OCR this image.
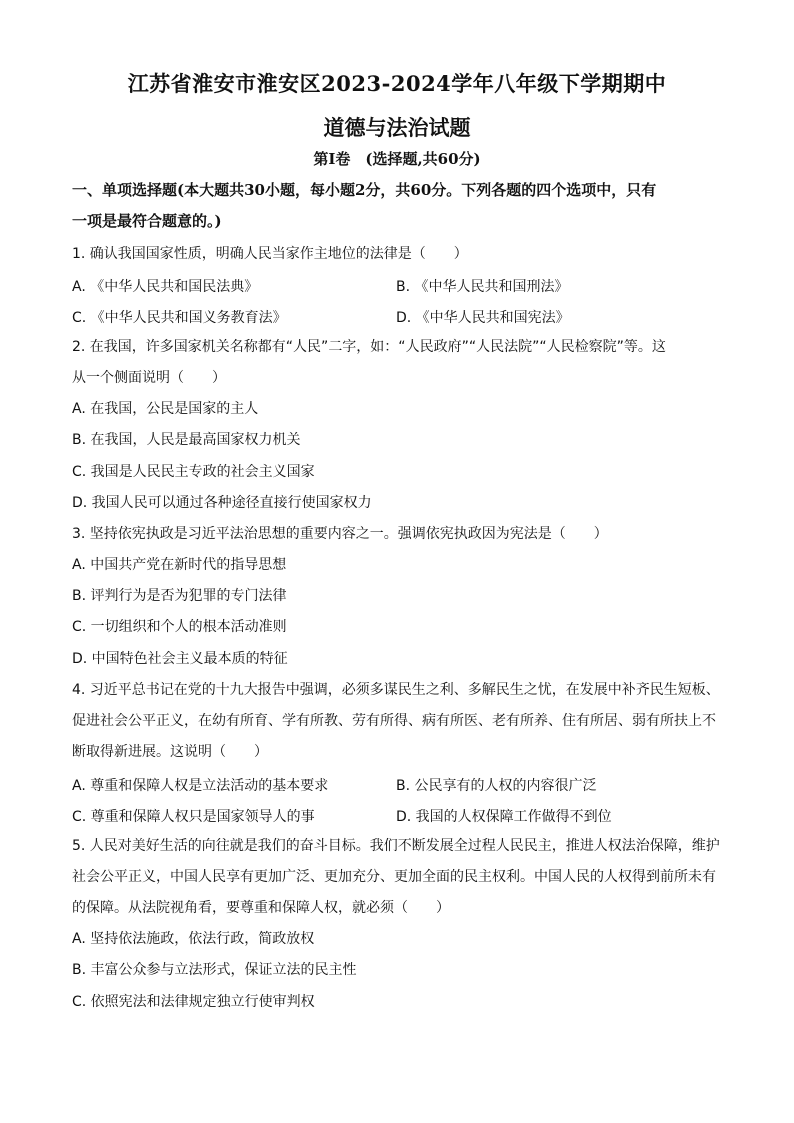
江苏省淮安市淮安区2023-2024学年八年级下学期期中
道德与法治试题
第Ⅰ卷　(选择题,共60分)
一、单项选择题(本大题共30小题，每小题2分，共60分。下列各题的四个选项中，只有
一项是最符合题意的。)
1. 确认我国国家性质，明确人民当家作主地位的法律是（　　）
A. 《中华人民共和国民法典》	B. 《中华人民共和国刑法》
C. 《中华人民共和国义务教育法》	D. 《中华人民共和国宪法》
2. 在我国，许多国家机关名称都有“人民”二字，如：“人民政府”“人民法院”“人民检察院”等。这
从一个侧面说明（　　）
A. 在我国，公民是国家的主人
B. 在我国，人民是最高国家权力机关
C. 我国是人民民主专政的社会主义国家
D. 我国人民可以通过各种途径直接行使国家权力
3. 坚持依宪执政是习近平法治思想的重要内容之一。强调依宪执政因为宪法是（　　）
A. 中国共产党在新时代的指导思想
B. 评判行为是否为犯罪的专门法律
C. 一切组织和个人的根本活动准则
D. 中国特色社会主义最本质的特征
4. 习近平总书记在党的十九大报告中强调，必须多谋民生之利、多解民生之忧，在发展中补齐民生短板、
促进社会公平正义，在幼有所育、学有所教、劳有所得、病有所医、老有所养、住有所居、弱有所扶上不
断取得新进展。这说明（　　）
A. 尊重和保障人权是立法活动的基本要求	B. 公民享有的人权的内容很广泛
C. 尊重和保障人权只是国家领导人的事	D. 我国的人权保障工作做得不到位
5. 人民对美好生活的向往就是我们的奋斗目标。我们不断发展全过程人民民主，推进人权法治保障，维护
社会公平正义，中国人民享有更加广泛、更加充分、更加全面的民主权利。中国人民的人权得到前所未有
的保障。从法院视角看，要尊重和保障人权，就必须（　　）
A. 坚持依法施政，依法行政，简政放权
B. 丰富公众参与立法形式，保证立法的民主性
C. 依照宪法和法律规定独立行使审判权
